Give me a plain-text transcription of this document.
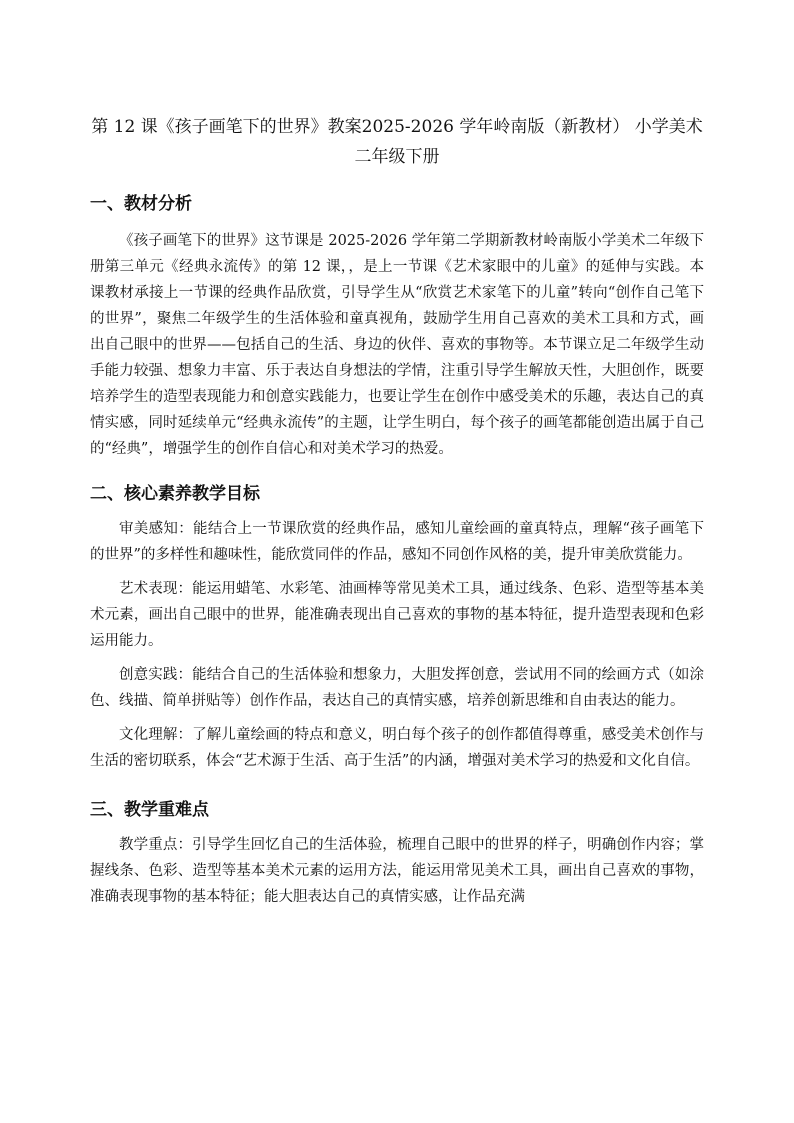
第 12 课《孩子画笔下的世界》教案2025-2026 学年岭南版（新教材） 小学美术二年级下册
一、教材分析

《孩子画笔下的世界》这节课是 2025-2026 学年第二学期新教材岭南版小学美术二年级下册第三单元《经典永流传》的第 12 课，，是上一节课《艺术家眼中的儿童》的延伸与实践。本课教材承接上一节课的经典作品欣赏，引导学生从“欣赏艺术家笔下的儿童”转向“创作自己笔下的世界”，聚焦二年级学生的生活体验和童真视角，鼓励学生用自己喜欢的美术工具和方式，画出自己眼中的世界——包括自己的生活、身边的伙伴、喜欢的事物等。本节课立足二年级学生动手能力较强、想象力丰富、乐于表达自身想法的学情，注重引导学生解放天性，大胆创作，既要培养学生的造型表现能力和创意实践能力，也要让学生在创作中感受美术的乐趣，表达自己的真情实感，同时延续单元“经典永流传”的主题，让学生明白，每个孩子的画笔都能创造出属于自己的“经典”，增强学生的创作自信心和对美术学习的热爱。

二、核心素养教学目标

审美感知：能结合上一节课欣赏的经典作品，感知儿童绘画的童真特点，理解“孩子画笔下的世界”的多样性和趣味性，能欣赏同伴的作品，感知不同创作风格的美，提升审美欣赏能力。

艺术表现：能运用蜡笔、水彩笔、油画棒等常见美术工具，通过线条、色彩、造型等基本美术元素，画出自己眼中的世界，能准确表现出自己喜欢的事物的基本特征，提升造型表现和色彩运用能力。

创意实践：能结合自己的生活体验和想象力，大胆发挥创意，尝试用不同的绘画方式（如涂色、线描、简单拼贴等）创作作品，表达自己的真情实感，培养创新思维和自由表达的能力。

文化理解：了解儿童绘画的特点和意义，明白每个孩子的创作都值得尊重，感受美术创作与生活的密切联系，体会“艺术源于生活、高于生活”的内涵，增强对美术学习的热爱和文化自信。

三、教学重难点

教学重点：引导学生回忆自己的生活体验，梳理自己眼中的世界的样子，明确创作内容；掌握线条、色彩、造型等基本美术元素的运用方法，能运用常见美术工具，画出自己喜欢的事物，准确表现事物的基本特征；能大胆表达自己的真情实感，让作品充满
